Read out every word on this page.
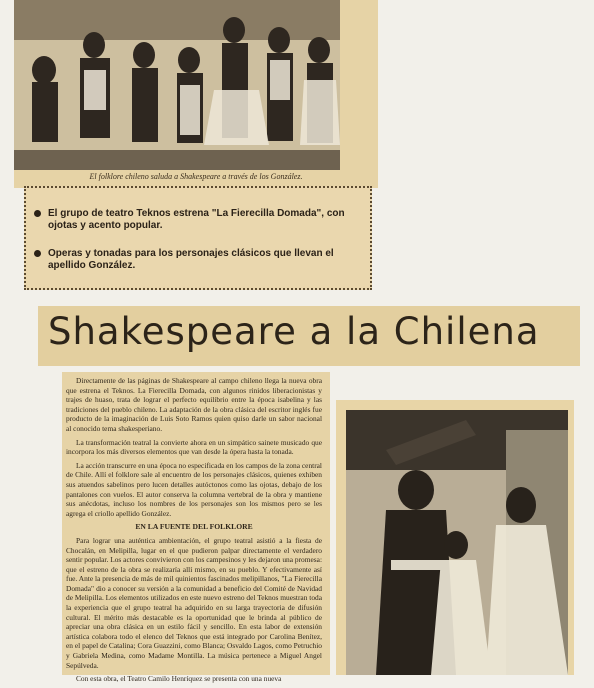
El folklore chileno saluda a Shakespeare a través de los González.
El grupo de teatro Teknos estrena "La Fierecilla Domada", con ojotas y acento popular.
Operas y tonadas para los personajes clásicos que llevan el apellido González.
Shakespeare a la Chilena

Directamente de las páginas de Shakespeare al campo chileno llega la nueva obra que estrena el Teknos. La Fierecilla Domada, con algunos rinidos liberacionistas y trajes de huaso, trata de lograr el perfecto equilibrio entre la época isabelina y las tradiciones del pueblo chileno. La adaptación de la obra clásica del escritor inglés fue producto de la imaginación de Luis Soto Ramos quien quiso darle un sabor nacional al conocido tema shakesperiano.

La transformación teatral la convierte ahora en un simpático sainete musicado que incorpora los más diversos elementos que van desde la ópera hasta la tonada.

La acción transcurre en una época no especificada en los campos de la zona central de Chile. Allí el folklore sale al encuentro de los personajes clásicos, quienes exhiben sus atuendos sabelinos pero lucen detalles autóctonos como las ojotas, debajo de los pantalones con vuelos. El autor conserva la columna vertebral de la obra y mantiene sus anécdotas, incluso los nombres de los personajes son los mismos pero se les agrega el criollo apellido González.

EN LA FUENTE DEL FOLKLORE

Para lograr una auténtica ambientación, el grupo teatral asistió a la fiesta de Chocalán, en Melipilla, lugar en el que pudieron palpar directamente el verdadero sentir popular. Los actores convivieron con los campesinos y les dejaron una promesa: que el estreno de la obra se realizaría allí mismo, en su pueblo. Y efectivamente así fue. Ante la presencia de más de mil quinientos fascinados melipillanos, "La Fierecilla Domada" dio a conocer su versión a la comunidad a beneficio del Comité de Navidad de Melipilla. Los elementos utilizados en este nuevo estreno del Teknos muestran toda la experiencia que el grupo teatral ha adquirido en su larga trayectoria de difusión cultural. El mérito más destacable es la oportunidad que le brinda al público de apreciar una obra clásica en un estilo fácil y sencillo. En esta labor de extensión artística colabora todo el elenco del Teknos que está integrado por Carolina Benítez, en el papel de Catalina; Cora Guazzini, como Blanca; Osvaldo Lagos, como Petruchio y Gabriela Medina, como Madame Montilla. La música pertenece a Miguel Angel Sepúlveda.

Con esta obra, el Teatro Camilo Henríquez se presenta con una nueva
